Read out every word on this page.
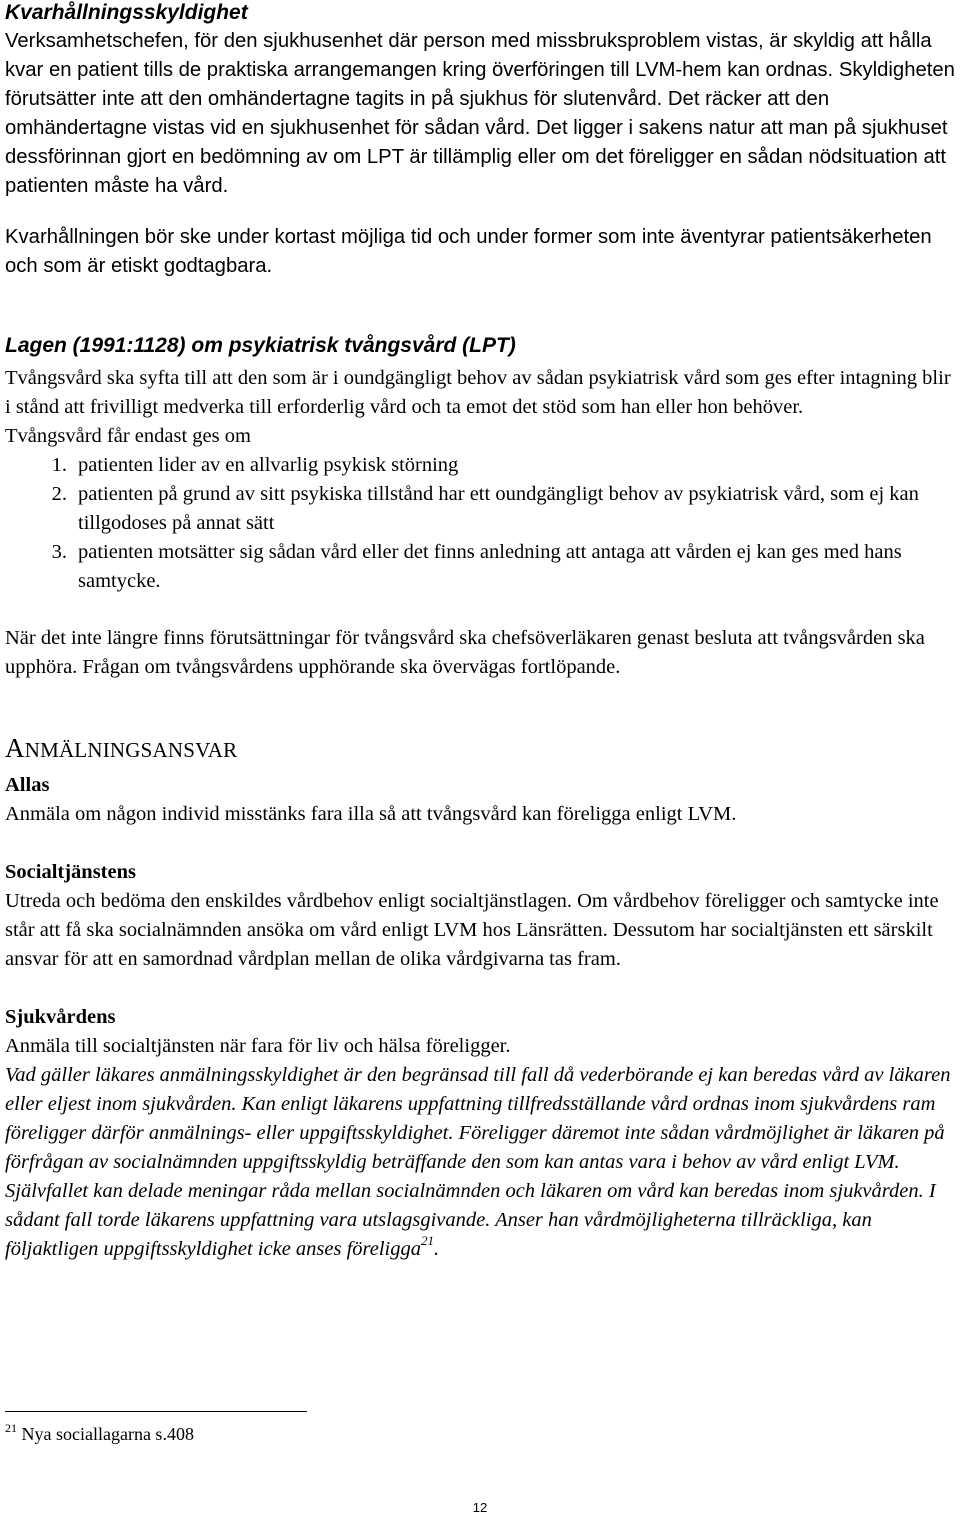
Kvarhållningsskyldighet

Verksamhetschefen, för den sjukhusenhet där person med missbruksproblem vistas, är skyldig att hålla kvar en patient tills de praktiska arrangemangen kring överföringen till LVM-hem kan ordnas. Skyldigheten förutsätter inte att den omhändertagne tagits in på sjukhus för slutenvård. Det räcker att den omhändertagne vistas vid en sjukhusenhet för sådan vård. Det ligger i sakens natur att man på sjukhuset dessförinnan gjort en bedömning av om LPT är tillämplig eller om det föreligger en sådan nödsituation att patienten måste ha vård.

Kvarhållningen bör ske under kortast möjliga tid och under former som inte äventyrar patientsäkerheten och som är etiskt godtagbara.

Lagen (1991:1128) om psykiatrisk tvångsvård (LPT)

Tvångsvård ska syfta till att den som är i oundgängligt behov av sådan psykiatrisk vård som ges efter intagning blir i stånd att frivilligt medverka till erforderlig vård och ta emot det stöd som han eller hon behöver.

Tvångsvård får endast ges om

1. patienten lider av en allvarlig psykisk störning
2. patienten på grund av sitt psykiska tillstånd har ett oundgängligt behov av psykiatrisk vård, som ej kan tillgodoses på annat sätt
3. patienten motsätter sig sådan vård eller det finns anledning att antaga att vården ej kan ges med hans samtycke.

När det inte längre finns förutsättningar för tvångsvård ska chefsöverläkaren genast besluta att tvångsvården ska upphöra. Frågan om tvångsvårdens upphörande ska övervägas fortlöpande.

ANMÄLNINGSANSVAR

Allas

Anmäla om någon individ misstänks fara illa så att tvångsvård kan föreligga enligt LVM.

Socialtjänstens

Utreda och bedöma den enskildes vårdbehov enligt socialtjänstlagen. Om vårdbehov föreligger och samtycke inte står att få ska socialnämnden ansöka om vård enligt LVM hos Länsrätten. Dessutom har socialtjänsten ett särskilt ansvar för att en samordnad vårdplan mellan de olika vårdgivarna tas fram.

Sjukvårdens

Anmäla till socialtjänsten när fara för liv och hälsa föreligger.

Vad gäller läkares anmälningsskyldighet är den begränsad till fall då vederbörande ej kan beredas vård av läkaren eller eljest inom sjukvården. Kan enligt läkarens uppfattning tillfredsställande vård ordnas inom sjukvårdens ram föreligger därför anmälnings- eller uppgiftsskyldighet. Föreligger däremot inte sådan vårdmöjlighet är läkaren på förfrågan av socialnämnden uppgiftsskyldig beträffande den som kan antas vara i behov av vård enligt LVM. Självfallet kan delade meningar råda mellan socialnämnden och läkaren om vård kan beredas inom sjukvården. I sådant fall torde läkarens uppfattning vara utslagsgivande. Anser han vårdmöjligheterna tillräckliga, kan följaktligen uppgiftsskyldighet icke anses föreligga$^{21}$.

$^{21}$ Nya sociallagarna s.408
12
